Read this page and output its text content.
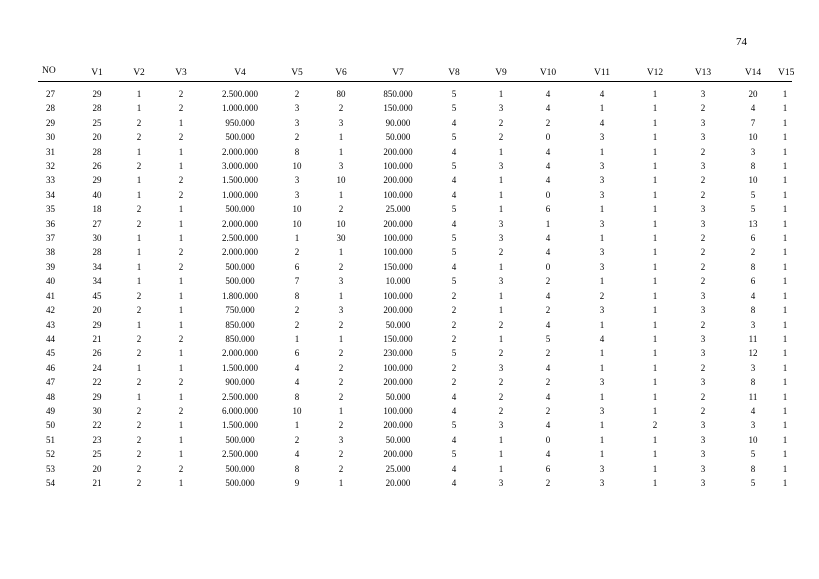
74
NO	V1	V2	V3	V4	V5	V6	V7	V8	V9	V10	V11	V12	V13	V14	V15

27	29	1	2	2.500.000	2	80	850.000	5	1	4	4	1	3	20	1
28	28	1	2	1.000.000	3	2	150.000	5	3	4	1	1	2	4	1
29	25	2	1	950.000	3	3	90.000	4	2	2	4	1	3	7	1
30	20	2	2	500.000	2	1	50.000	5	2	0	3	1	3	10	1
31	28	1	1	2.000.000	8	1	200.000	4	1	4	1	1	2	3	1
32	26	2	1	3.000.000	10	3	100.000	5	3	4	3	1	3	8	1
33	29	1	2	1.500.000	3	10	200.000	4	1	4	3	1	2	10	1
34	40	1	2	1.000.000	3	1	100.000	4	1	0	3	1	2	5	1
35	18	2	1	500.000	10	2	25.000	5	1	6	1	1	3	5	1
36	27	2	1	2.000.000	10	10	200.000	4	3	1	3	1	3	13	1
37	30	1	1	2.500.000	1	30	100.000	5	3	4	1	1	2	6	1
38	28	1	2	2.000.000	2	1	100.000	5	2	4	3	1	2	2	1
39	34	1	2	500.000	6	2	150.000	4	1	0	3	1	2	8	1
40	34	1	1	500.000	7	3	10.000	5	3	2	1	1	2	6	1
41	45	2	1	1.800.000	8	1	100.000	2	1	4	2	1	3	4	1
42	20	2	1	750.000	2	3	200.000	2	1	2	3	1	3	8	1
43	29	1	1	850.000	2	2	50.000	2	2	4	1	1	2	3	1
44	21	2	2	850.000	1	1	150.000	2	1	5	4	1	3	11	1
45	26	2	1	2.000.000	6	2	230.000	5	2	2	1	1	3	12	1
46	24	1	1	1.500.000	4	2	100.000	2	3	4	1	1	2	3	1
47	22	2	2	900.000	4	2	200.000	2	2	2	3	1	3	8	1
48	29	1	1	2.500.000	8	2	50.000	4	2	4	1	1	2	11	1
49	30	2	2	6.000.000	10	1	100.000	4	2	2	3	1	2	4	1
50	22	2	1	1.500.000	1	2	200.000	5	3	4	1	2	3	3	1
51	23	2	1	500.000	2	3	50.000	4	1	0	1	1	3	10	1
52	25	2	1	2.500.000	4	2	200.000	5	1	4	1	1	3	5	1
53	20	2	2	500.000	8	2	25.000	4	1	6	3	1	3	8	1
54	21	2	1	500.000	9	1	20.000	4	3	2	3	1	3	5	1
